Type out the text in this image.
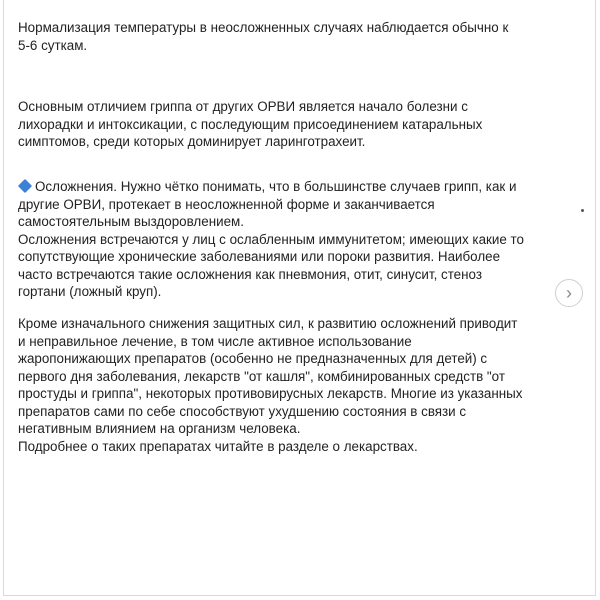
Нормализация температуры в неосложненных случаях наблюдается обычно к
5-6 суткам.

Основным отличием гриппа от других ОРВИ является начало болезни с
лихорадки и интоксикации, с последующим присоединением катаральных
симптомов, среди которых доминирует ларинготрахеит.

Осложнения. Нужно чётко понимать, что в большинстве случаев грипп, как и
другие ОРВИ, протекает в неосложненной форме и заканчивается
самостоятельным выздоровлением.
Осложнения встречаются у лиц с ослабленным иммунитетом; имеющих какие то
сопутствующие хронические заболеваниями или пороки развития. Наиболее
часто встречаются такие осложнения как пневмония, отит, синусит, стеноз
гортани (ложный круп).

Кроме изначального снижения защитных сил, к развитию осложнений приводит
и неправильное лечение, в том числе активное использование
жаропонижающих препаратов (особенно не предназначенных для детей) с
первого дня заболевания, лекарств "от кашля", комбинированных средств "от
простуды и гриппа", некоторых противовирусных лекарств. Многие из указанных
препаратов сами по себе способствуют ухудшению состояния в связи с
негативным влиянием на организм человека.
Подробнее о таких препаратах читайте в разделе о лекарствах.

›
